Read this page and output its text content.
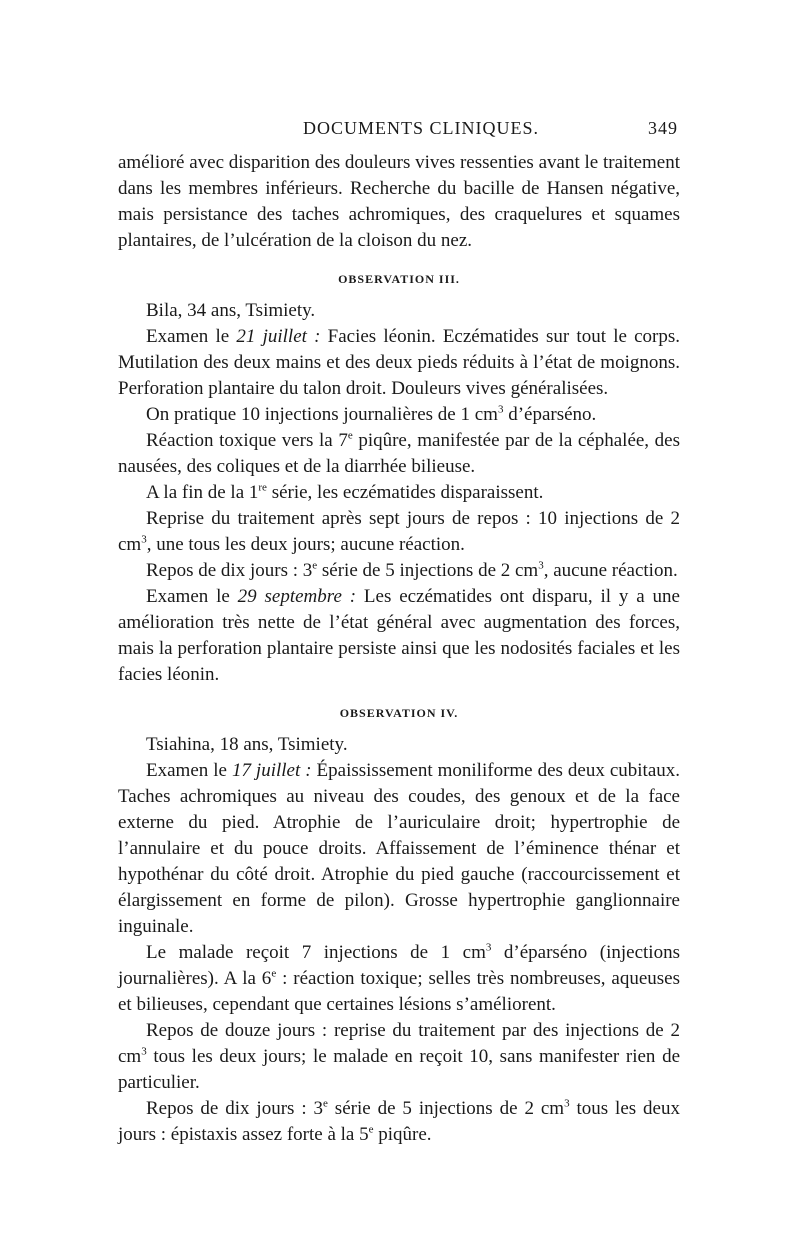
DOCUMENTS CLINIQUES.	349

amélioré avec disparition des douleurs vives ressenties avant le traitement dans les membres inférieurs. Recherche du bacille de Hansen négative, mais persistance des taches achromiques, des craquelures et squames plantaires, de l’ulcération de la cloison du nez.

OBSERVATION III.

Bila, 34 ans, Tsimiety.

Examen le 21 juillet : Facies léonin. Eczématides sur tout le corps. Mutilation des deux mains et des deux pieds réduits à l’état de moignons. Perforation plantaire du talon droit. Douleurs vives généralisées.

On pratique 10 injections journalières de 1 $cm^3$ d’éparséno.

Réaction toxique vers la 7e piqûre, manifestée par de la céphalée, des nausées, des coliques et de la diarrhée bilieuse.

A la fin de la 1re série, les eczématides disparaissent.

Reprise du traitement après sept jours de repos : 10 injections de 2 $cm^3$, une tous les deux jours; aucune réaction.

Repos de dix jours : 3e série de 5 injections de 2 $cm^3$, aucune réaction.

Examen le 29 septembre : Les eczématides ont disparu, il y a une amélioration très nette de l’état général avec augmentation des forces, mais la perforation plantaire persiste ainsi que les nodosités faciales et les facies léonin.

OBSERVATION IV.

Tsiahina, 18 ans, Tsimiety.

Examen le 17 juillet : Épaississement moniliforme des deux cubitaux. Taches achromiques au niveau des coudes, des genoux et de la face externe du pied. Atrophie de l’auriculaire droit; hypertrophie de l’annulaire et du pouce droits. Affaissement de l’éminence thénar et hypothénar du côté droit. Atrophie du pied gauche (raccourcissement et élargissement en forme de pilon). Grosse hypertrophie ganglionnaire inguinale.

Le malade reçoit 7 injections de 1 $cm^3$ d’éparséno (injections journalières). A la 6e : réaction toxique; selles très nombreuses, aqueuses et bilieuses, cependant que certaines lésions s’améliorent.

Repos de douze jours : reprise du traitement par des injections de 2 $cm^3$ tous les deux jours; le malade en reçoit 10, sans manifester rien de particulier.

Repos de dix jours : 3e série de 5 injections de 2 $cm^3$ tous les deux jours : épistaxis assez forte à la 5e piqûre.
